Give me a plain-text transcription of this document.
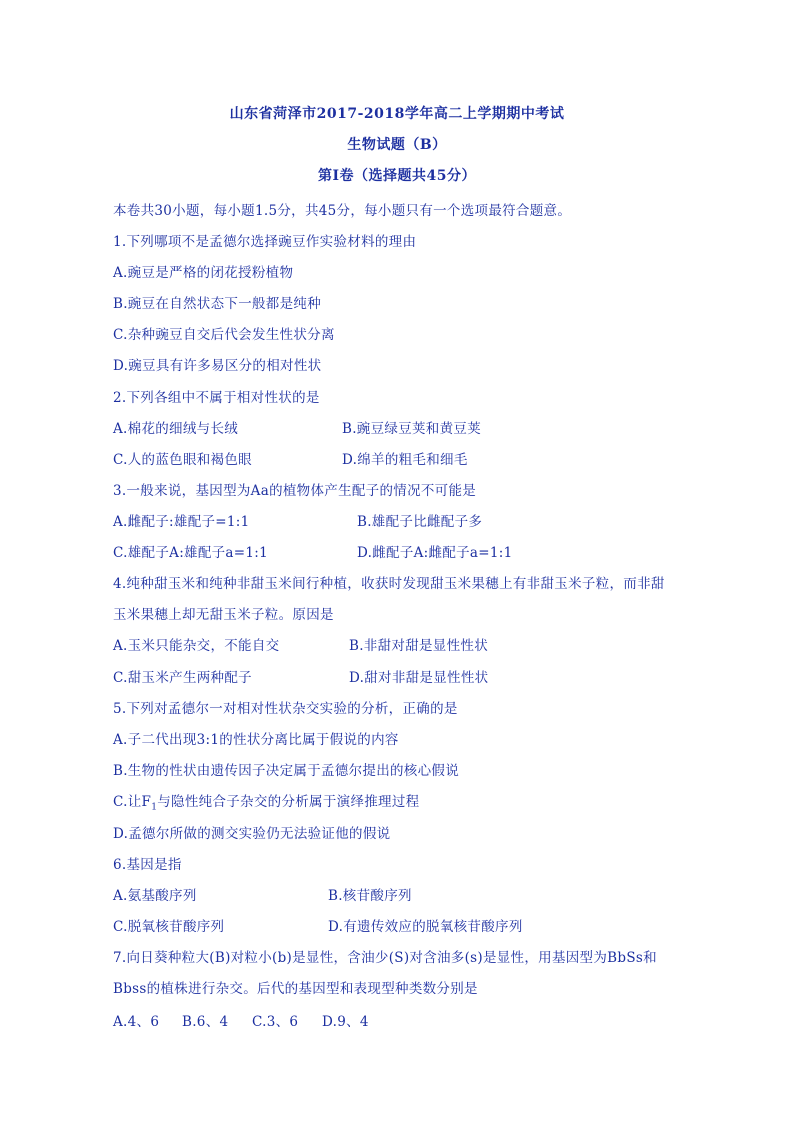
山东省菏泽市2017-2018学年高二上学期期中考试
生物试题（B）
第Ⅰ卷（选择题共45分）
本卷共30小题，每小题1.5分，共45分，每小题只有一个选项最符合题意。
1.下列哪项不是孟德尔选择豌豆作实验材料的理由
A.豌豆是严格的闭花授粉植物
B.豌豆在自然状态下一般都是纯种
C.杂种豌豆自交后代会发生性状分离
D.豌豆具有许多易区分的相对性状
2.下列各组中不属于相对性状的是
A.棉花的细绒与长绒	B.豌豆绿豆荚和黄豆荚
C.人的蓝色眼和褐色眼	D.绵羊的粗毛和细毛
3.一般来说，基因型为Aa的植物体产生配子的情况不可能是
A.雌配子:雄配子=1:1	B.雄配子比雌配子多
C.雄配子A:雄配子a=1:1	D.雌配子A:雌配子a=1:1
4.纯种甜玉米和纯种非甜玉米间行种植，收获时发现甜玉米果穗上有非甜玉米子粒，而非甜
玉米果穗上却无甜玉米子粒。原因是
A.玉米只能杂交，不能自交	B.非甜对甜是显性性状
C.甜玉米产生两种配子	D.甜对非甜是显性性状
5.下列对孟德尔一对相对性状杂交实验的分析，正确的是
A.子二代出现3:1的性状分离比属于假说的内容
B.生物的性状由遗传因子决定属于孟德尔提出的核心假说
C.让$F_1$与隐性纯合子杂交的分析属于演绎推理过程
D.孟德尔所做的测交实验仍无法验证他的假说
6.基因是指
A.氨基酸序列	B.核苷酸序列
C.脱氧核苷酸序列	D.有遗传效应的脱氧核苷酸序列
7.向日葵种粒大(B)对粒小(b)是显性，含油少(S)对含油多(s)是显性，用基因型为BbSs和
Bbss的植株进行杂交。后代的基因型和表现型种类数分别是
A.4、6 B.6、4 C.3、6 D.9、4
